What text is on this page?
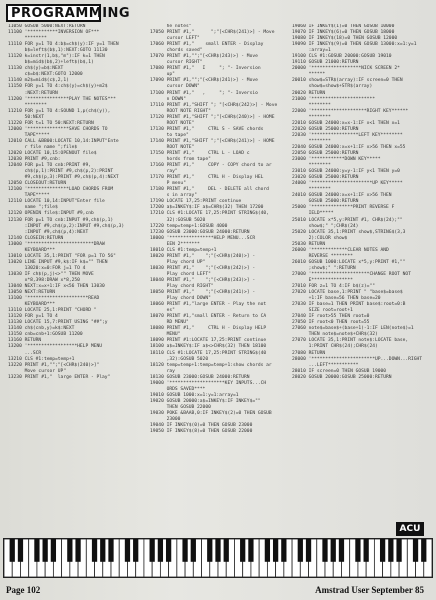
PROGRAMMING
11050 GOSUB 5000:NEXT:RETURN
11100 '***********INVERSION OF***
********
11110 FOR y=1 TO 4:b$=ch$(y):IF y=1 THEN
b$=left$(b$,1):NEXT:GOTO 11130
11120 k=instr(1,b$,"m"):IF k=1 THEN
b$=mid$(b$,2)+left$(b$,1)
11130 ch$(y)=b$:NEXT
c$=b$:NEXT:GOTO 12000
11140 m2$=mid$(c$,2,1)
11150 FOR y=1 TO 4:ch$(y)=ch$(y)+m2$
:NEXT:RETURN
11200 '***************PLAY THE NOTES***
********
11210 FOR y=1 TO 4:SOUND 1,p(ch$(y)),
50:NEXT
11220 FOR t=1 TO 50:NEXT:RETURN
12000 '***************SAVE CHORDS TO
TAPE*****
12010 CALL &BB00:LOCATE 10,14:INPUT"Ente
r file name ";file$
12020 LOCATE 10,15:OPENOUT file$
12030 PRINT #9,cnb:
12040 FOR p=1 TO cnb:PRINT #9,
ch$(p,1):PRINT #9,ch$(p,2):PRINT
#9,ch$(p,3):PRINT #9,ch$(p,4):NEXT
12050 CLOSEOUT:RETURN
12100 '***************LOAD CHORDS FROM
TAPE*****
12110 LOCATE 10,14:INPUT"Enter file
name ";file$
12120 OPENIN file$:INPUT #9,cnb
12130 FOR p=1 TO cnb:INPUT #9,ch$(p,1)
:INPUT #9,ch$(p,2):INPUT #9,ch$(p,3)
:INPUT #9,ch$(p,4):NEXT
12140 CLOSEIN:RETURN
13000 '************************DRAW
KEYBOARD***
13010 LOCATE 35,1:PRINT "FOR p=1 TO 56"
13020 LINE INPUT #9,k$:IF k$="" THEN
13020:x=0:FOR j=1 TO 4
13030 IF ch$(p,j)<>"" THEN MOVE
x*8,398:DRAW x*8,250
13040 NEXT:x=x+1:IF x<56 THEN 13030
13050 NEXT:RETURN
13100 '**********************READ
KEYBOARD***
13110 LOCATE 25,1:PRINT "CHORD "
13120 FOR y=1 TO 4
13130 LOCATE 15,7:PRINT USING "##";y
13140 ch$(cnb,y)=k$:NEXT
13150 cnb=cnb+1:GOSUB 11200
13160 RETURN
13200 '******************HELP MENU
...SCR
13210 CLS #1:temp=temp+1
13220 PRINT #1,"";"[<CHR$(240)>]"
Move cursor UP"
13230 PRINT #1,"  large ENTER - Play"
he notes"
17050 PRINT #1,"      ";"[<CHR$(241)>] - Move
cursor LEFT"
17060 PRINT #1,"    small ENTER - Display
chords saved"
17070 PRINT #1,"";"[<CHR$(243)>] - Move
cursor RIGHT"
17080 PRINT #1,"   I     "; "- Inversion
up"
17090 PRINT #1,"";"[<CHR$(241)>] - Move
cursor DOWN"
17100 PRINT #1,"   ,     "; "- Inversio
n DOWN"
17110 PRINT #1,"SHIFT "; "[<CHR$(242)>] - Move
ROOT NOTE RIGHT"
17120 PRINT #1,"SHIFT ";"[<CHR$(240)>] - HOME
ROOT NOTE"
17130 PRINT #1,"     CTRL S - SAVE chords
to tape"
17140 PRINT #1,"SHIFT ";"[<CHR$(241)>] - HOME
ROOT NOTE"
17150 PRINT #1,"     CTRL L - LOAD c
hords from tape"
17160 PRINT #1,"     COPY - COPY chord to ar
ray"
17170 PRINT #1,"     CTRL H - Display HEL
P menu"
17180 PRINT #1,"     DEL - DELETE all chord
s in array"
17190 LOCATE 17,25:PRINT continue
17200 a$=INKEY$:IF a$=CHR$(32) THEN 17200
17210 CLS #1:LOCATE 17,25:PRINT STRING$(40,
32):GOSUB 5020
17220 temp=temp+1:GOSUB 4000
17230 GOSUB 23000:GOSUB 24000:RETURN
18000 '****************HELP MENU...SCR
EEN 2*******
18010 CLS #1:temp=temp+1
18020 PRINT #1,"    ";"[<CHR$(240)>] -
Play chord UP"
18030 PRINT #1,"    ";"[<CHR$(242)>] -
Play chord LEFT"
18040 PRINT #1,"    ";"[<CHR$(243)>] -
Play chord RIGHT"
18050 PRINT #1,"    ";"[<CHR$(241)>] -
Play chord DOWN"
18060 PRINT #1,"large ENTER - Play the not
es"
18070 PRINT #1,"small ENTER - Return to CA
RD MENU"
18080 PRINT #1,"     CTRL H - Display HELP
MENU"
18090 PRINT #1:LOCATE 17,25:PRINT continue
18100 a$=INKEY$:IF a$<>CHR$(32) THEN 18100
18110 CLS #1:LOCATE 17,25:PRINT STRING$(40
,32):GOSUB 5020
18120 temp=temp+1:temp=temp+1:show chords ar
ray
18130 GOSUB 23000:GOSUB 24000:RETURN
19000 '********************KEY INPUTS...CH
ORDS SAVED****
19010 GOSUB 1000:x=1:y=1:array=1
19020 GOSUB 20000:a$=INKEY$:IF INKEY$=""
THEN GOSUB 22000
19030 POKE &BAAB,0:IF INKEY$(2)=0 THEN GOSUB
23000
19040 IF INKEY$(0)=0 THEN GOSUB 23000
19050 IF INKEY$(8)=0 THEN GOSUB 22000
19060 IF INKEY$(1)=0 THEN GOSUB 10000
19070 IF INKEY$(6)=0 THEN GOSUB 18000
19080 IF INKEY$(18)=0 THEN GOSUB 12000
19090 IF INKEY$(9)=0 THEN GOSUB 13000:x=1:y=1
:array=1
19100 CLS #1:GOSUB 20000:GOSUB 19010
19110 GOSUB 21000:RETURN
20000 '******************NICK SCREEN 2*
******
20010 show$=STR$(array):IF screen=0 THEN
show$=show$+STR$(array)
20020 RETURN
21000 '***********************
********
22000 '********************RIGHT KEY******
********
22010 GOSUB 24000:x=x-1:IF x<1 THEN x=1
22020 GOSUB 25000:RETURN
22030 '*****************LEFT KEY********
********
22040 GOSUB 24000:x=x+1:IF x>56 THEN x=55
22050 GOSUB 25000:RETURN
23000 '************DOWN KEY*****
********
23010 GOSUB 24000:y=y-1:IF y<1 THEN y=0
23020 GOSUB 25000:RETURN
24000 '**********************UP KEY*****
********
24010 GOSUB 24000:x=x+1:IF x>56 THEN
GOSUB 25000:RETURN
25000 '***************PRINT REVERSE F
IELD*****
25010 LOCATE x*5,y:PRINT #1, CHR$(24);""
show$;" ";CHR$(24)
25020 LOCATE 35,1:PRINT show$,STRING$(3,3
2):COLOR show$
25030 RETURN
26000 '*************CLEAR NOTES AND
REVERSE ********
26010 GOSUB 1000:LOCATE x*5,y:PRINT #1,""
;show$;" ":RETURN
27000 '*********************CHANGE ROOT NOT
E***************
27010 FOR z=1 TO 4:IF b$(z)=""
27020 LOCATE base,1:PRINT " "base$=base$
+1:IF base=56 THEN base=20
27030 IF base=1 THEN PRINT base$:root=0:B
SIZE root=root+1
27040 IF root>55 THEN root=0
27050 IF root<0 THEN root=55
27060 note$=base$+(base+1)-1:IF LEN(note$)=1
THEN note$=note$+CHR$(32)
27070 LOCATE 35,1:PRINT note$:LOCATE base,
1:PRINT CHR$(24);CHR$(24)
27080 RETURN
28000 '***********************UP...DOWN...RIGHT
...LEFT***********
28010 IF screen=0 THEN GOSUB 19000
28020 GOSUB 20000:GOSUB 25000:RETURN
ACU
Page 102	Amstrad User September 85
